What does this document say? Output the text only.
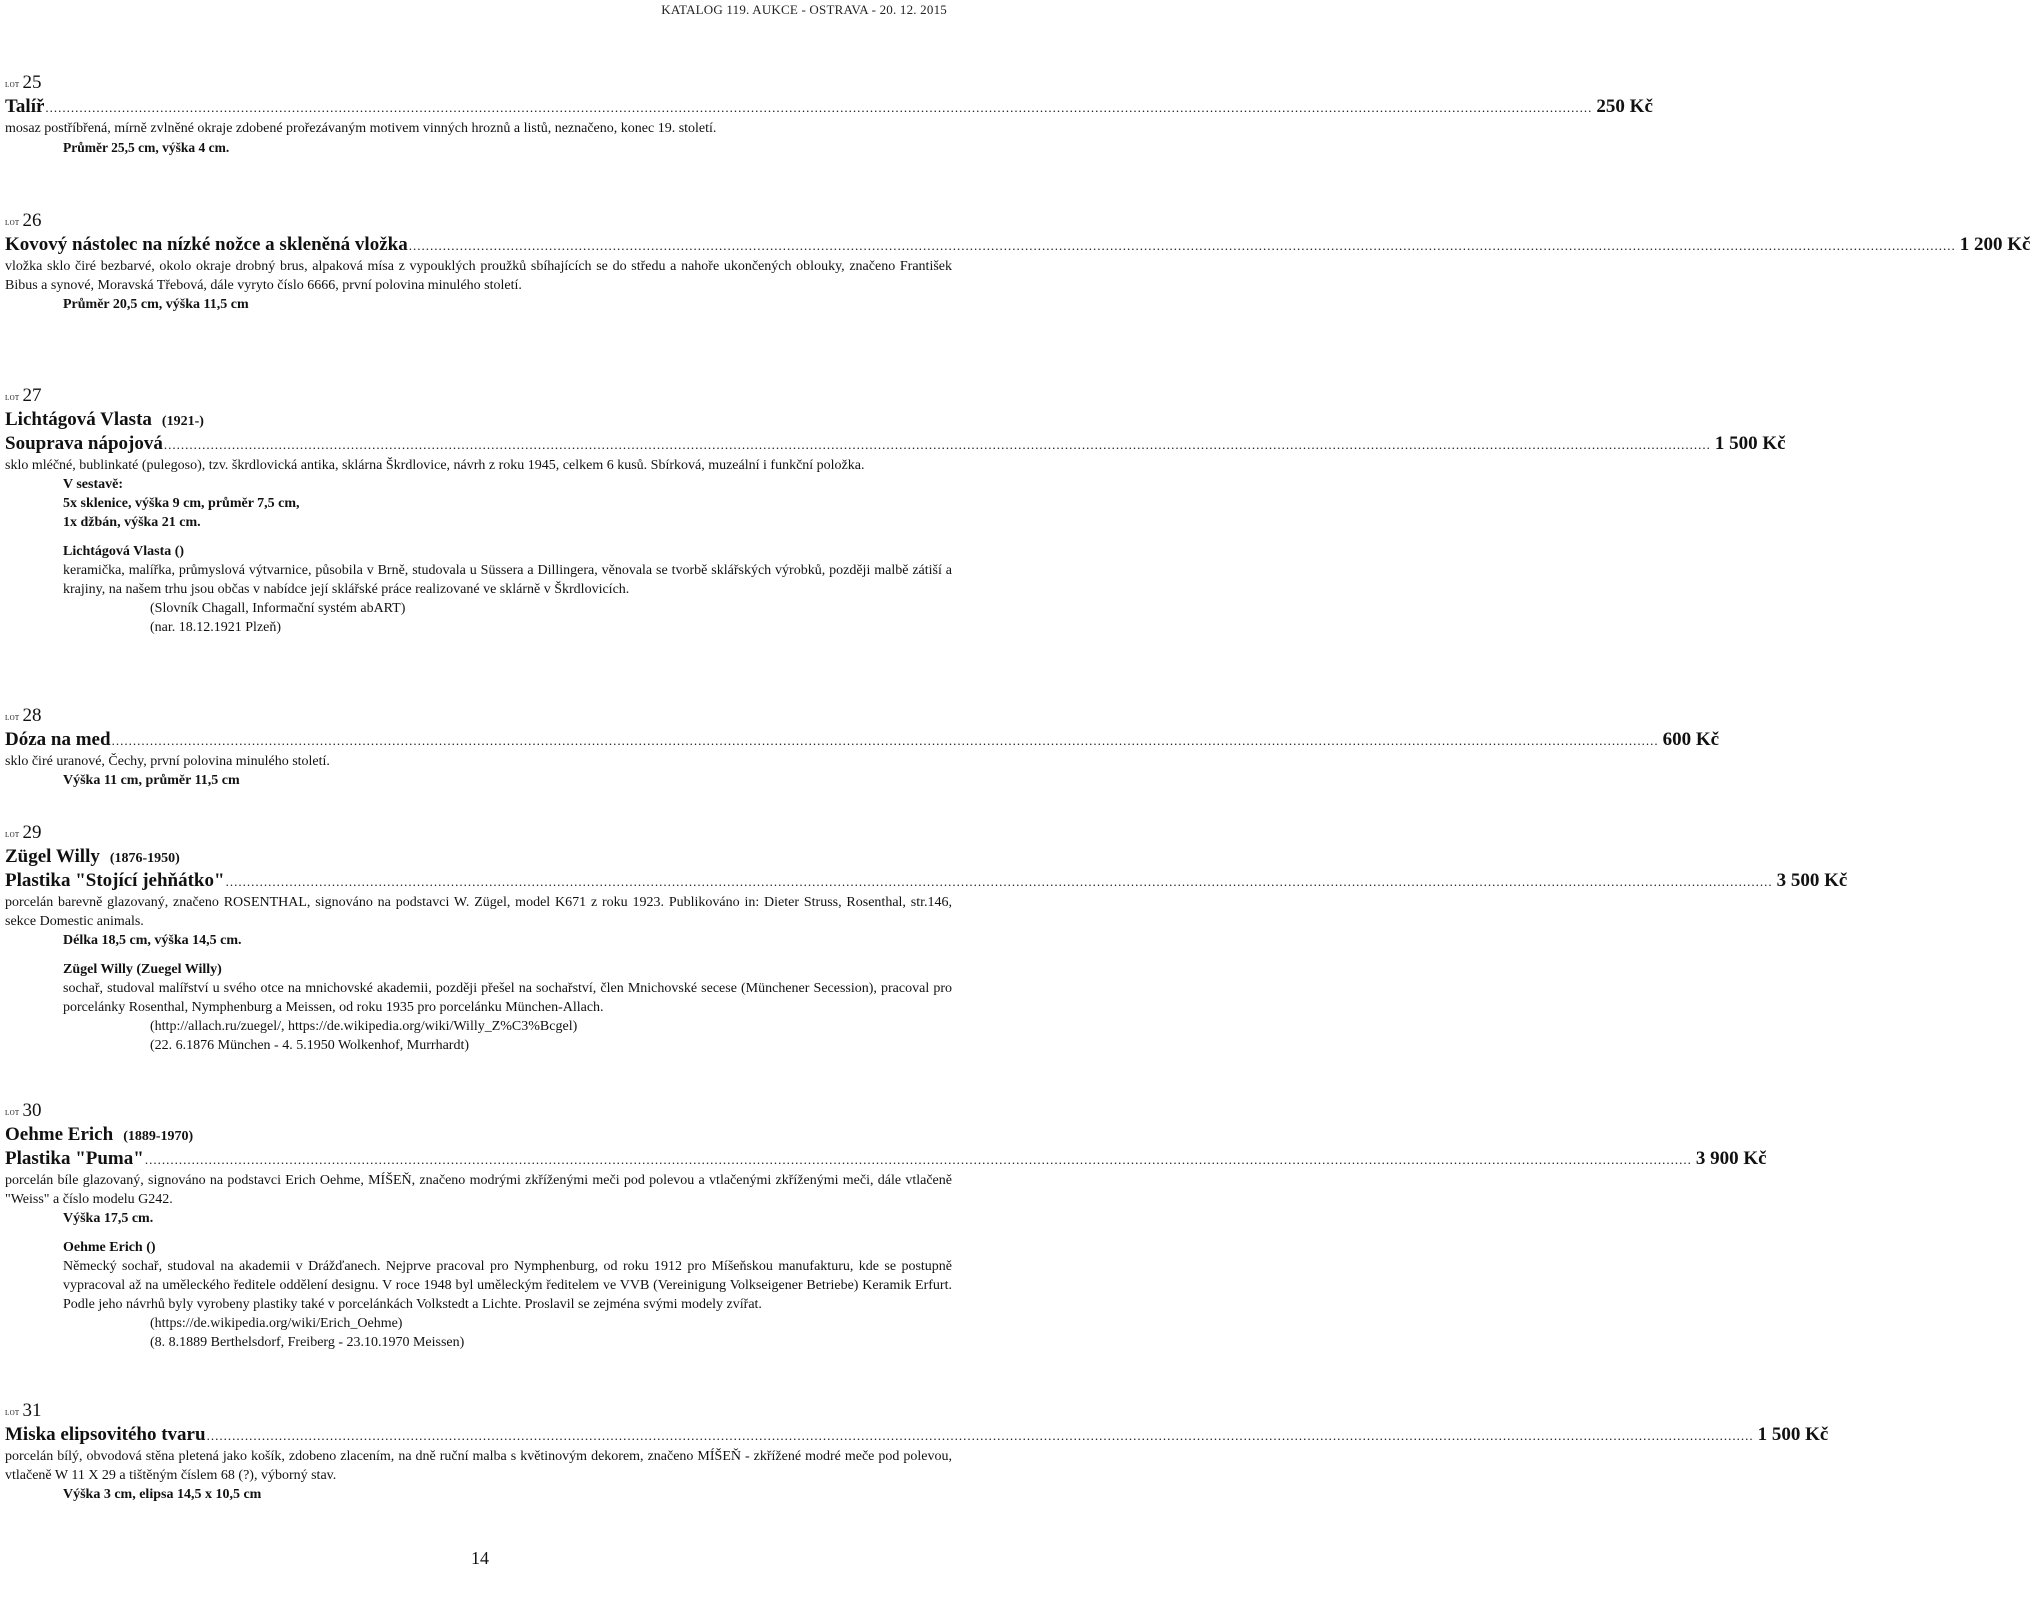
KATALOG 119. AUKCE - OSTRAVA - 20. 12. 2015
LOT 25
Talíř ............................................................................................................................................................................................................................................................................................................................................................................ 250 Kč
mosaz postříbřená, mírně zvlněné okraje zdobené prořezávaným motivem vinných hroznů a listů, neznačeno, konec 19. století.
Průměr 25,5 cm, výška 4 cm.
LOT 26
Kovový nástolec na nízké nožce a skleněná vložka ............................................................................................................................................................................................................................................................................................................................................................................ 1 200 Kč
vložka sklo čiré bezbarvé, okolo okraje drobný brus, alpaková mísa z vypouklých proužků sbíhajících se do středu a nahoře ukončených oblouky, značeno František Bibus a synové, Moravská Třebová, dále vyryto číslo 6666, první polovina minulého století.
Průměr 20,5 cm, výška 11,5 cm
LOT 27
Lichtágová Vlasta (1921-)
Souprava nápojová ............................................................................................................................................................................................................................................................................................................................................................................ 1 500 Kč
sklo mléčné, bublinkaté (pulegoso), tzv. škrdlovická antika, sklárna Škrdlovice, návrh z roku 1945, celkem 6 kusů. Sbírková, muzeální i funkční položka.
V sestavě:
5x sklenice, výška 9 cm, průměr 7,5 cm,
1x džbán, výška 21 cm.
Lichtágová Vlasta ()
keramička, malířka, průmyslová výtvarnice, působila v Brně, studovala u Süssera a Dillingera, věnovala se tvorbě sklářských výrobků, později malbě zátiší a krajiny, na našem trhu jsou občas v nabídce její sklářské práce realizované ve sklárně v Škrdlovicích.
(Slovník Chagall, Informační systém abART)
(nar. 18.12.1921 Plzeň)
LOT 28
Dóza na med ............................................................................................................................................................................................................................................................................................................................................................................ 600 Kč
sklo čiré uranové, Čechy, první polovina minulého století.
Výška 11 cm, průměr 11,5 cm
LOT 29
Zügel Willy (1876-1950)
Plastika "Stojící jehňátko" ............................................................................................................................................................................................................................................................................................................................................................................ 3 500 Kč
porcelán barevně glazovaný, značeno ROSENTHAL, signováno na podstavci W. Zügel, model K671 z roku 1923. Publikováno in: Dieter Struss, Rosenthal, str.146, sekce Domestic animals.
Délka 18,5 cm, výška 14,5 cm.
Zügel Willy (Zuegel Willy)
sochař, studoval malířství u svého otce na mnichovské akademii, později přešel na sochařství, člen Mnichovské secese (Münchener Secession), pracoval pro porcelánky Rosenthal, Nymphenburg a Meissen, od roku 1935 pro porcelánku München-Allach.
(http://allach.ru/zuegel/, https://de.wikipedia.org/wiki/Willy_Z%C3%Bcgel)
(22. 6.1876 München - 4. 5.1950 Wolkenhof, Murrhardt)
LOT 30
Oehme Erich (1889-1970)
Plastika "Puma" ............................................................................................................................................................................................................................................................................................................................................................................ 3 900 Kč
porcelán bíle glazovaný, signováno na podstavci Erich Oehme, MÍŠEŇ, značeno modrými zkříženými meči pod polevou a vtlačenými zkříženými meči, dále vtlačeně "Weiss" a číslo modelu G242.
Výška 17,5 cm.
Oehme Erich ()
Německý sochař, studoval na akademii v Drážďanech. Nejprve pracoval pro Nymphenburg, od roku 1912 pro Míšeňskou manufakturu, kde se postupně vypracoval až na uměleckého ředitele oddělení designu. V roce 1948 byl uměleckým ředitelem ve VVB (Vereinigung Volkseigener Betriebe) Keramik Erfurt. Podle jeho návrhů byly vyrobeny plastiky také v porcelánkách Volkstedt a Lichte. Proslavil se zejména svými modely zvířat.
(https://de.wikipedia.org/wiki/Erich_Oehme)
(8. 8.1889 Berthelsdorf, Freiberg - 23.10.1970 Meissen)
LOT 31
Miska elipsovitého tvaru ............................................................................................................................................................................................................................................................................................................................................................................ 1 500 Kč
porcelán bílý, obvodová stěna pletená jako košík, zdobeno zlacením, na dně ruční malba s květinovým dekorem, značeno MÍŠEŇ - zkřížené modré meče pod polevou, vtlačeně W 11 X 29 a tištěným číslem 68 (?), výborný stav.
Výška 3 cm, elipsa 14,5 x 10,5 cm
14
